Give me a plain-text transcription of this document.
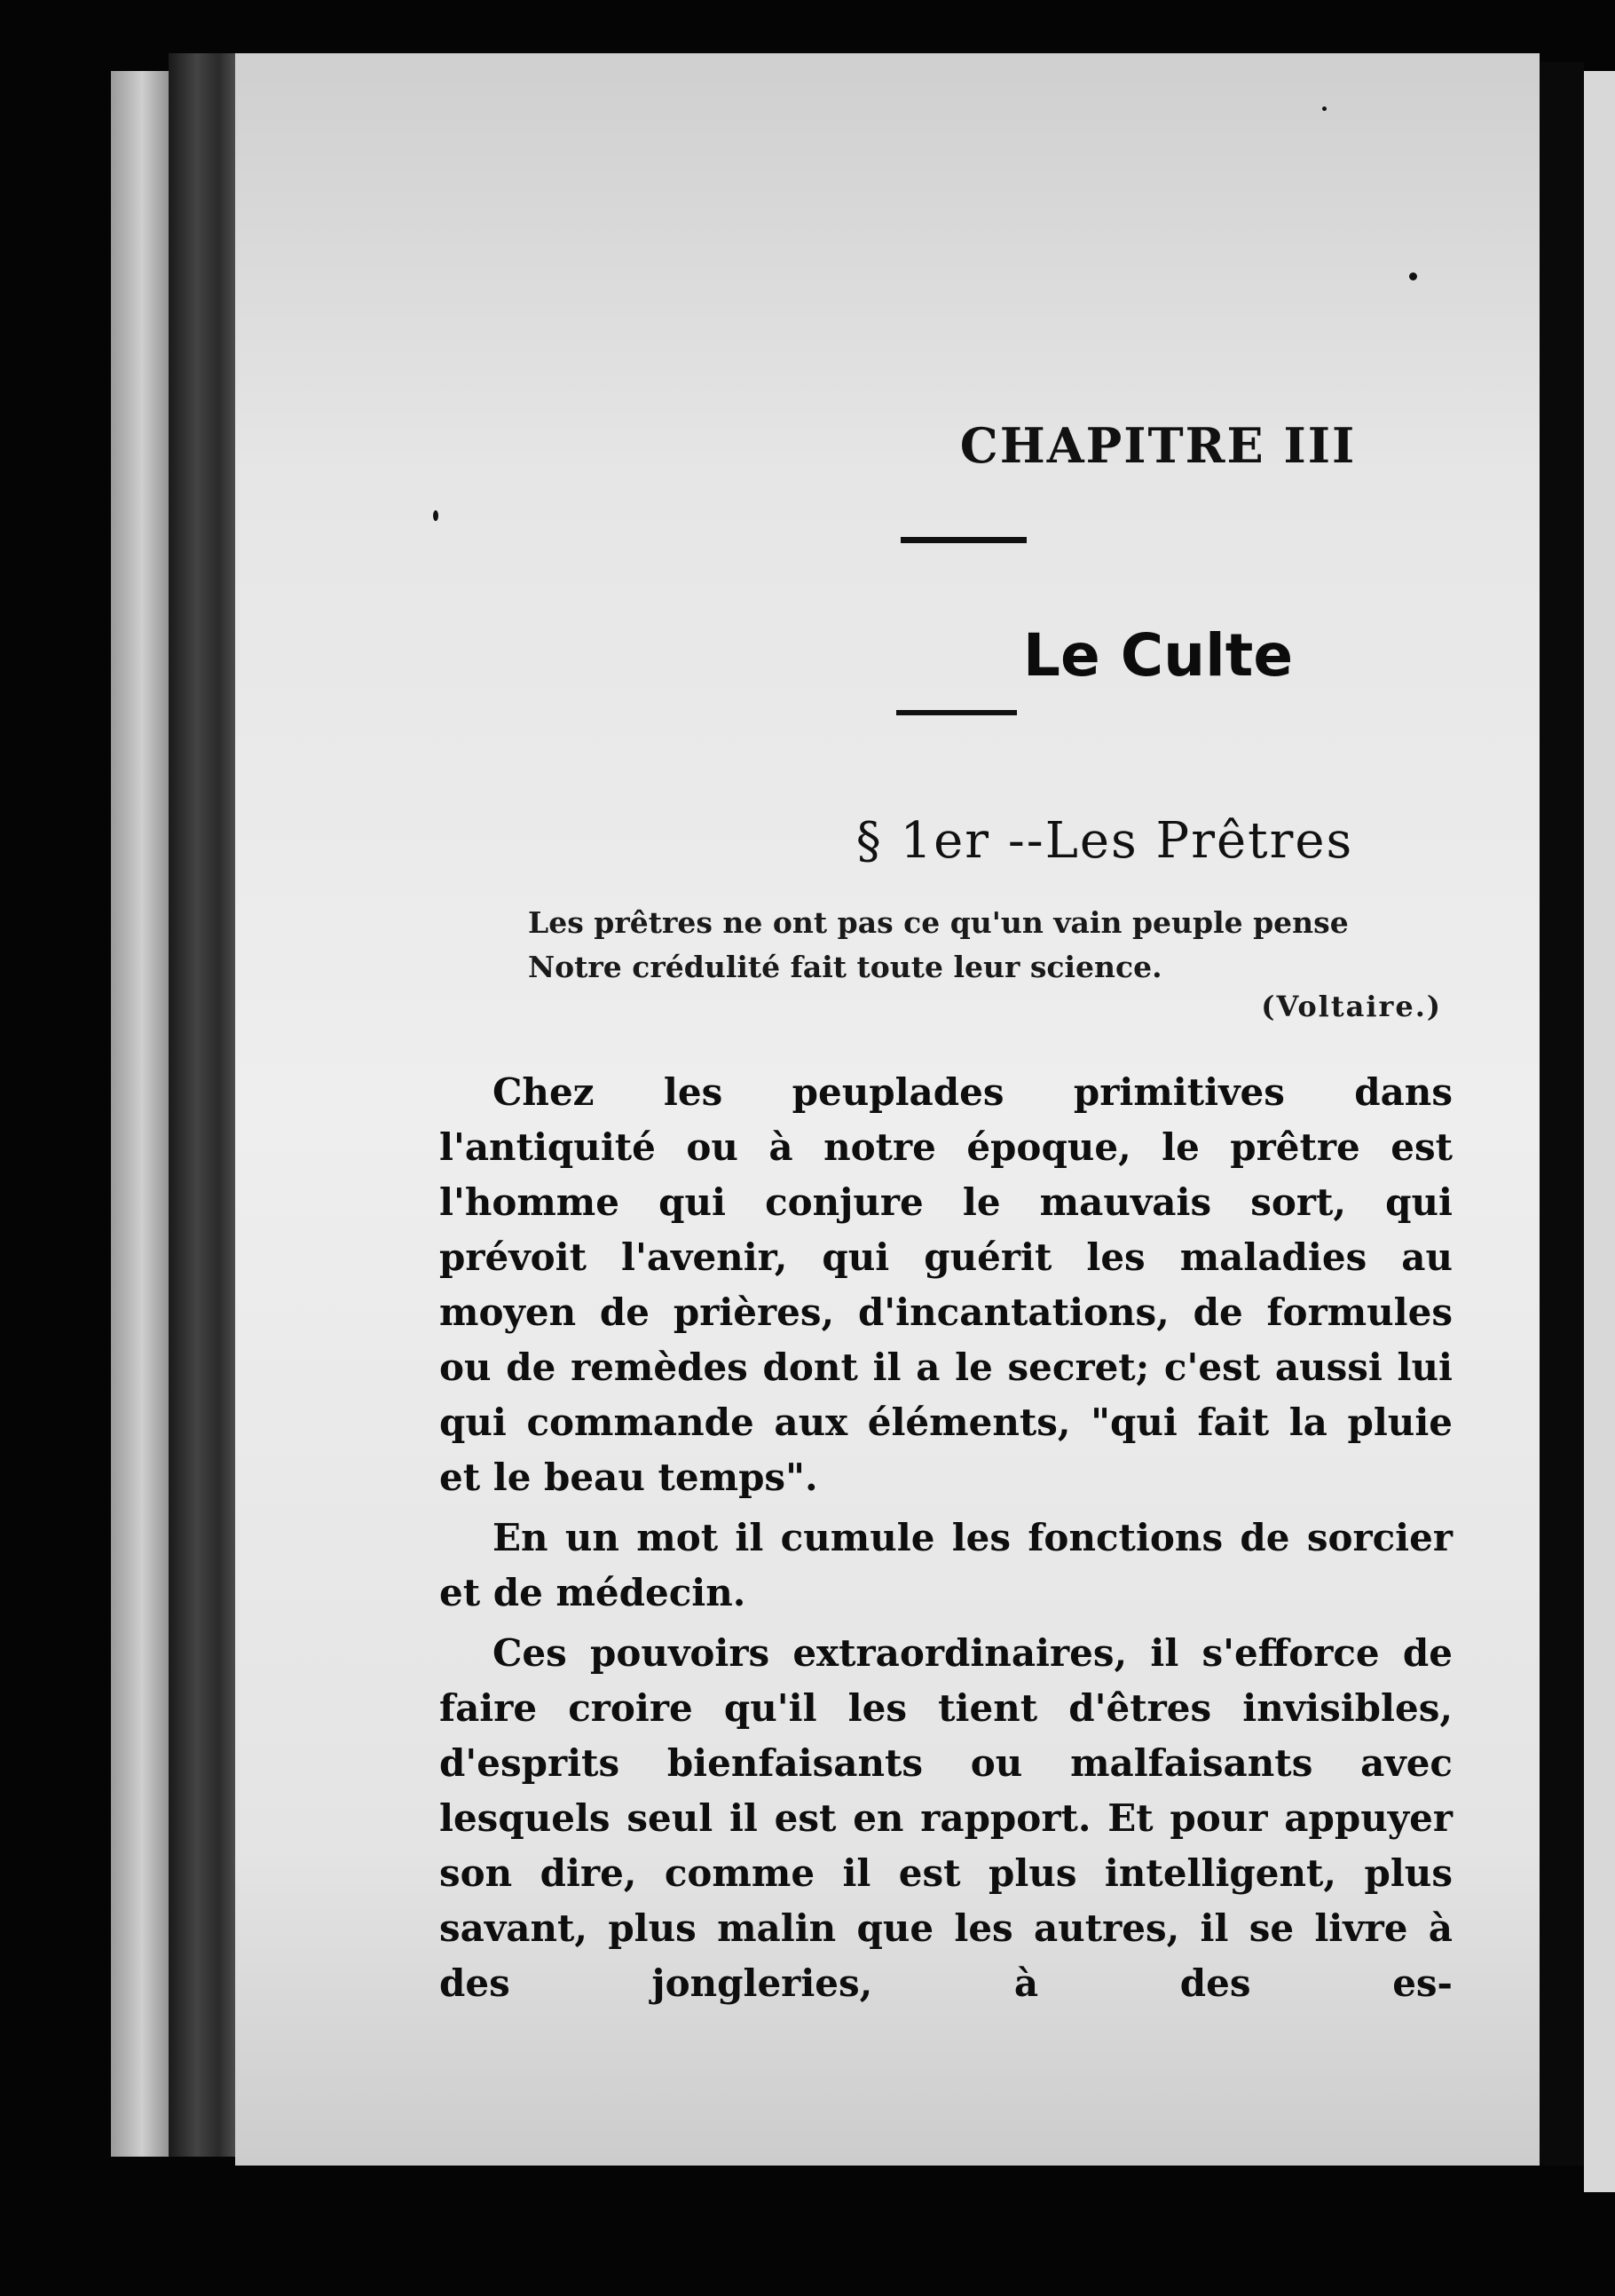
CHAPITRE III
Le Culte
§ 1er --Les Prêtres
Les prêtres ne ont pas ce qu'un vain peuple pense
Notre crédulité fait toute leur science.
(Voltaire.)

Chez les peuplades primitives dans l'antiquité ou à notre époque, le prêtre est l'homme qui conjure le mauvais sort, qui prévoit l'avenir, qui guérit les maladies au moyen de prières, d'incantations, de formules ou de remèdes dont il a le secret; c'est aussi lui qui commande aux éléments, "qui fait la pluie et le beau temps".

En un mot il cumule les fonctions de sorcier et de médecin.

Ces pouvoirs extraordinaires, il s'efforce de faire croire qu'il les tient d'êtres invisibles, d'esprits bienfaisants ou malfaisants avec lesquels seul il est en rapport. Et pour appuyer son dire, comme il est plus intelligent, plus savant, plus malin que les autres, il se livre à des jongleries, à des es-
